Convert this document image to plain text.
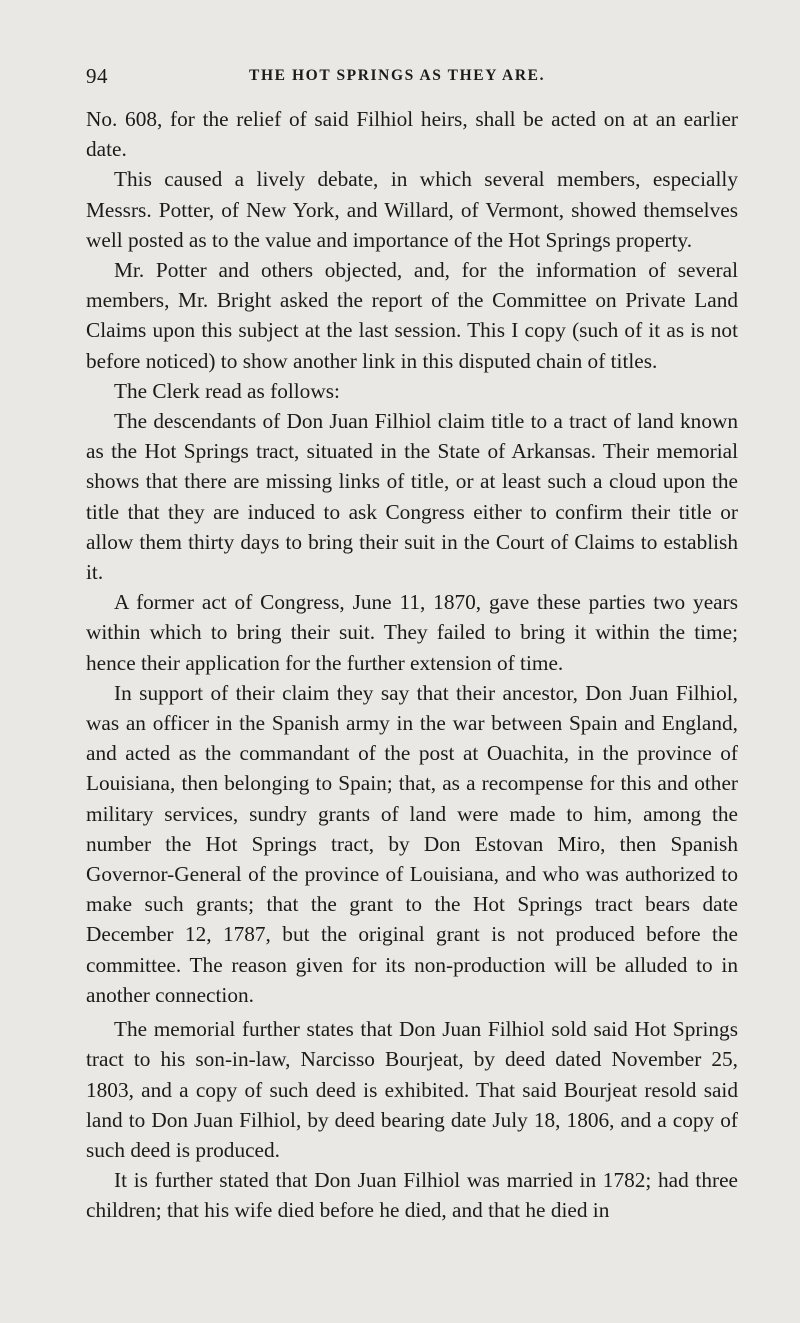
94	THE HOT SPRINGS AS THEY ARE.

No. 608, for the relief of said Filhiol heirs, shall be acted on at an earlier date.

This caused a lively debate, in which several members, especially Messrs. Potter, of New York, and Willard, of Vermont, showed themselves well posted as to the value and importance of the Hot Springs property.

Mr. Potter and others objected, and, for the information of several members, Mr. Bright asked the report of the Committee on Private Land Claims upon this subject at the last session. This I copy (such of it as is not before noticed) to show another link in this disputed chain of titles.

The Clerk read as follows:

The descendants of Don Juan Filhiol claim title to a tract of land known as the Hot Springs tract, situated in the State of Arkansas. Their memorial shows that there are missing links of title, or at least such a cloud upon the title that they are induced to ask Congress either to confirm their title or allow them thirty days to bring their suit in the Court of Claims to establish it.

A former act of Congress, June 11, 1870, gave these parties two years within which to bring their suit. They failed to bring it within the time; hence their application for the further extension of time.

In support of their claim they say that their ancestor, Don Juan Filhiol, was an officer in the Spanish army in the war between Spain and England, and acted as the commandant of the post at Ouachita, in the province of Louisiana, then belonging to Spain; that, as a recompense for this and other military services, sundry grants of land were made to him, among the number the Hot Springs tract, by Don Estovan Miro, then Spanish Governor-General of the province of Louisiana, and who was authorized to make such grants; that the grant to the Hot Springs tract bears date December 12, 1787, but the original grant is not produced before the committee. The reason given for its non-production will be alluded to in another connection.

The memorial further states that Don Juan Filhiol sold said Hot Springs tract to his son-in-law, Narcisso Bourjeat, by deed dated November 25, 1803, and a copy of such deed is exhibited. That said Bourjeat resold said land to Don Juan Filhiol, by deed bearing date July 18, 1806, and a copy of such deed is produced.

It is further stated that Don Juan Filhiol was married in 1782; had three children; that his wife died before he died, and that he died in
